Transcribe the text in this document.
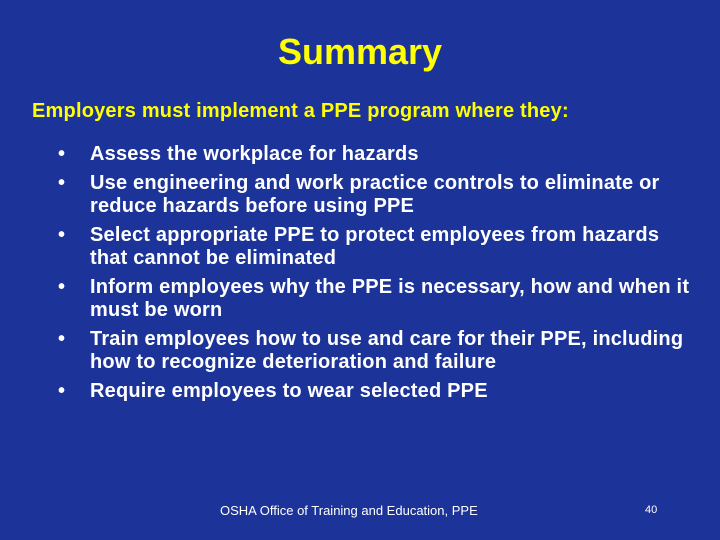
Summary

Employers must implement a PPE program where they:

• Assess the workplace for hazards
• Use engineering and work practice controls to eliminate or reduce hazards before using PPE
• Select appropriate PPE to protect employees from hazards that cannot be eliminated
• Inform employees why the PPE is necessary, how and when it must be worn
• Train employees how to use and care for their PPE, including how to recognize deterioration and failure
• Require employees to wear selected PPE

OSHA Office of Training and Education, PPE	40
